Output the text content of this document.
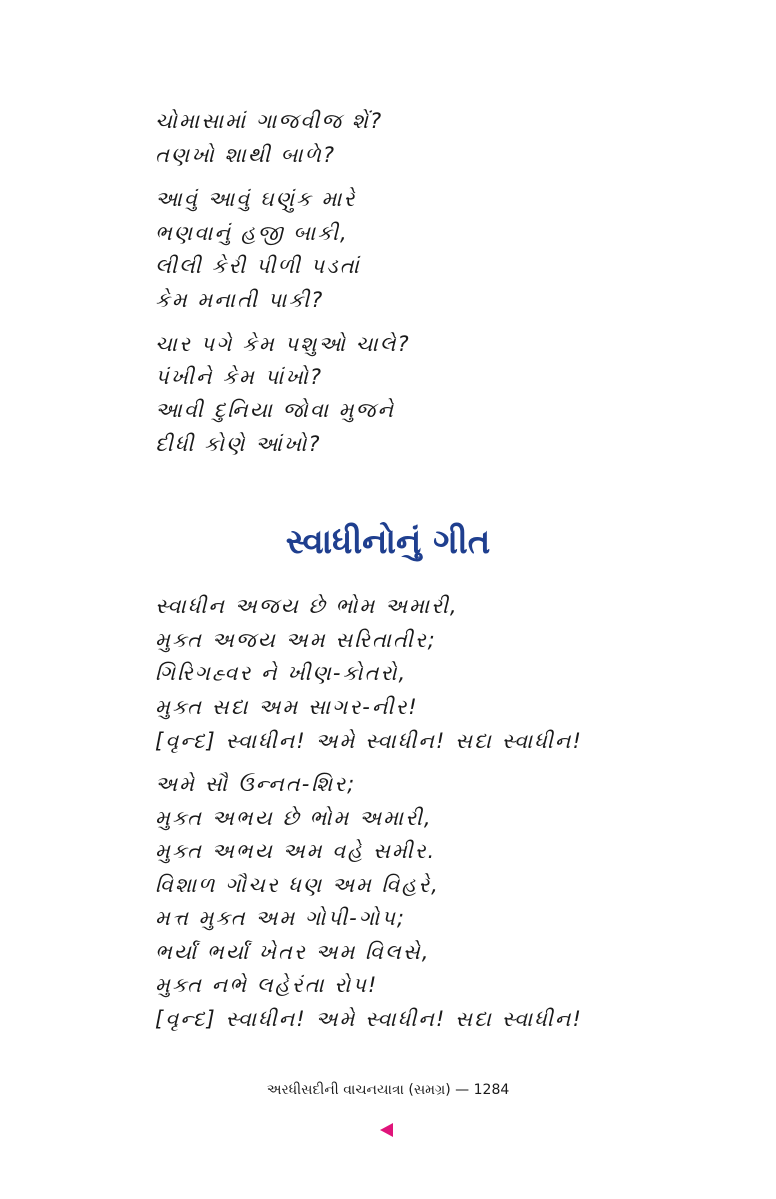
ચોમાસામાં ગાજવીજ શેં?
તણખો શાથી બાળે?
આવું આવું ઘણુંક મારે
ભણવાનું હજી બાકી,
લીલી કેરી પીળી પડતાં
કેમ મનાતી પાકી?
ચાર પગે કેમ પશુઓ ચાલે?
પંખીને કેમ પાંખો?
આવી દુનિયા જોવા મુજને
દીધી કોણે આંખો?
સ્વાધીનોનું ગીત
સ્વાધીન અજય છે ભોમ અમારી,
મુક્ત અજય અમ સરિતાતીર;
ગિરિગહ્વર ને ખીણ-કોતરો,
મુક્ત સદા અમ સાગર-નીર!
[વૃન્દ] સ્વાધીન! અમે સ્વાધીન! સદા સ્વાધીન!
અમે સૌ ઉન્નત-શિર;
મુક્ત અભય છે ભોમ અમારી,
મુક્ત અભય અમ વહે સમીર.
વિશાળ ગૌચર ધણ અમ વિહરે,
મત્ત મુક્ત અમ ગોપી-ગોપ;
ભર્યાં ભર્યાં ખેતર અમ વિલસે,
મુક્ત નભે લહેરંતા રોપ!
[વૃન્દ] સ્વાધીન! અમે સ્વાધીન! સદા સ્વાધીન!
અરધીસદીની વાચનયાત્રા (સમગ્ર) — 1284
